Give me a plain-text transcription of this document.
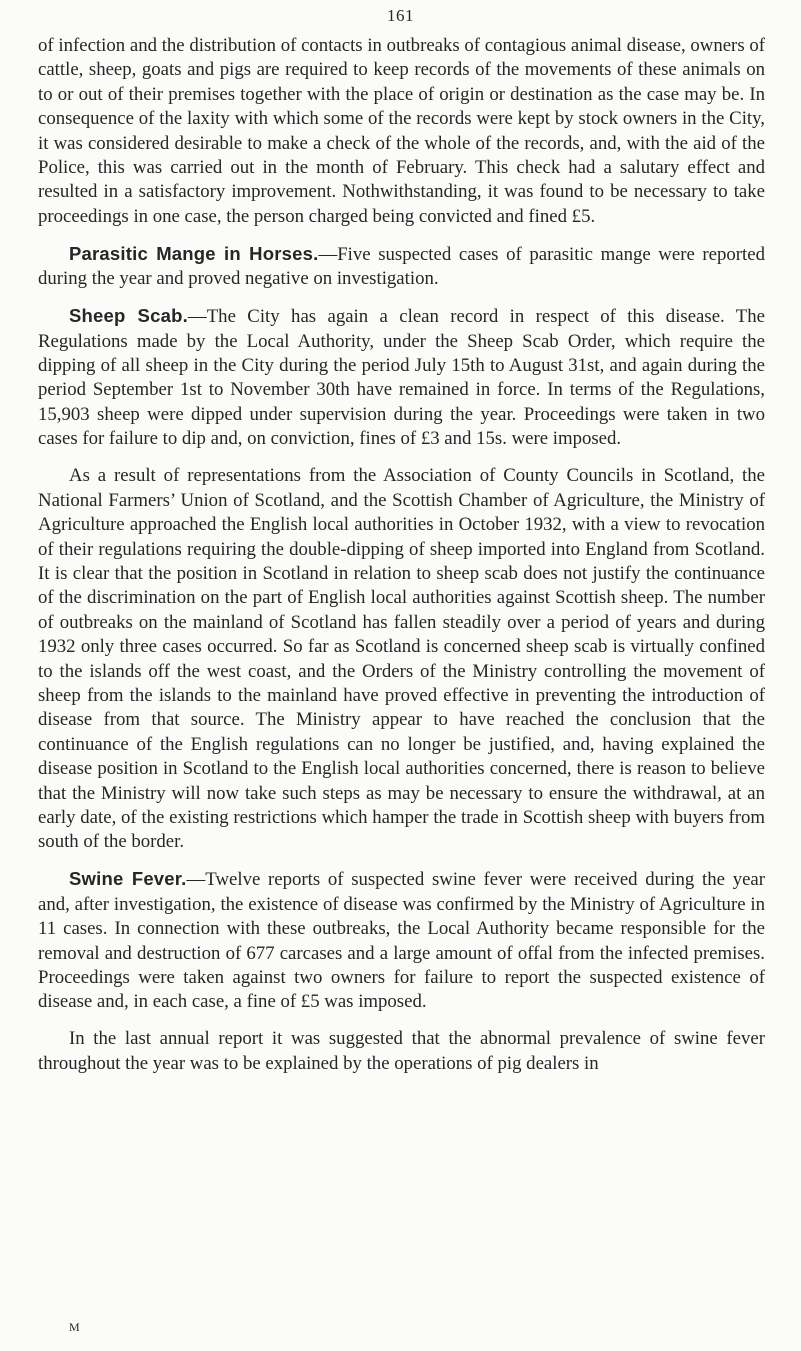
161

of infection and the distribution of contacts in outbreaks of contagious animal disease, owners of cattle, sheep, goats and pigs are required to keep records of the movements of these animals on to or out of their premises together with the place of origin or destination as the case may be. In consequence of the laxity with which some of the records were kept by stock owners in the City, it was considered desirable to make a check of the whole of the records, and, with the aid of the Police, this was carried out in the month of February. This check had a salutary effect and resulted in a satisfactory improvement. Nothwithstanding, it was found to be necessary to take proceedings in one case, the person charged being convicted and fined £5.

Parasitic Mange in Horses.—Five suspected cases of parasitic mange were reported during the year and proved negative on investigation.

Sheep Scab.—The City has again a clean record in respect of this disease. The Regulations made by the Local Authority, under the Sheep Scab Order, which require the dipping of all sheep in the City during the period July 15th to August 31st, and again during the period September 1st to November 30th have remained in force. In terms of the Regulations, 15,903 sheep were dipped under supervision during the year. Proceedings were taken in two cases for failure to dip and, on conviction, fines of £3 and 15s. were imposed.

As a result of representations from the Association of County Councils in Scotland, the National Farmers’ Union of Scotland, and the Scottish Chamber of Agriculture, the Ministry of Agriculture approached the English local authorities in October 1932, with a view to revocation of their regulations requiring the double-dipping of sheep imported into England from Scotland. It is clear that the position in Scotland in relation to sheep scab does not justify the continuance of the discrimination on the part of English local authorities against Scottish sheep. The number of outbreaks on the mainland of Scotland has fallen steadily over a period of years and during 1932 only three cases occurred. So far as Scotland is concerned sheep scab is virtually confined to the islands off the west coast, and the Orders of the Ministry controlling the movement of sheep from the islands to the mainland have proved effective in preventing the introduction of disease from that source. The Ministry appear to have reached the conclusion that the continuance of the English regulations can no longer be justified, and, having explained the disease position in Scotland to the English local authorities concerned, there is reason to believe that the Ministry will now take such steps as may be necessary to ensure the withdrawal, at an early date, of the existing restrictions which hamper the trade in Scottish sheep with buyers from south of the border.

Swine Fever.—Twelve reports of suspected swine fever were received during the year and, after investigation, the existence of disease was confirmed by the Ministry of Agriculture in 11 cases. In connection with these outbreaks, the Local Authority became responsible for the removal and destruction of 677 carcases and a large amount of offal from the infected premises. Proceedings were taken against two owners for failure to report the suspected existence of disease and, in each case, a fine of £5 was imposed.

In the last annual report it was suggested that the abnormal prevalence of swine fever throughout the year was to be explained by the operations of pig dealers in

M
